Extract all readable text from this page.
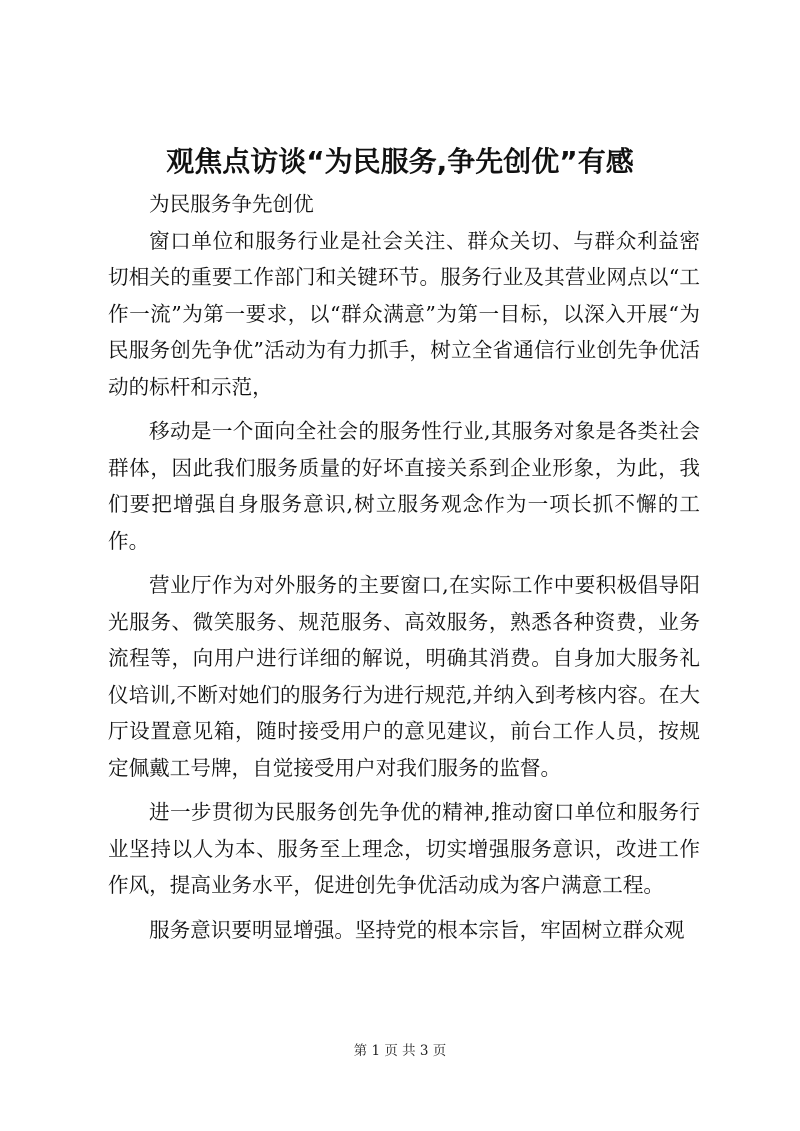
观焦点访谈“为民服务,争先创优”有感

为民服务争先创优

窗口单位和服务行业是社会关注、群众关切、与群众利益密切相关的重要工作部门和关键环节。服务行业及其营业网点以“工作一流”为第一要求，以“群众满意”为第一目标，以深入开展“为民服务创先争优”活动为有力抓手，树立全省通信行业创先争优活动的标杆和示范，

移动是一个面向全社会的服务性行业,其服务对象是各类社会群体，因此我们服务质量的好坏直接关系到企业形象，为此，我们要把增强自身服务意识,树立服务观念作为一项长抓不懈的工作。

营业厅作为对外服务的主要窗口,在实际工作中要积极倡导阳光服务、微笑服务、规范服务、高效服务，熟悉各种资费，业务流程等，向用户进行详细的解说，明确其消费。自身加大服务礼仪培训,不断对她们的服务行为进行规范,并纳入到考核内容。在大厅设置意见箱，随时接受用户的意见建议，前台工作人员，按规定佩戴工号牌，自觉接受用户对我们服务的监督。

进一步贯彻为民服务创先争优的精神,推动窗口单位和服务行业坚持以人为本、服务至上理念，切实增强服务意识，改进工作作风，提高业务水平，促进创先争优活动成为客户满意工程。

服务意识要明显增强。坚持党的根本宗旨，牢固树立群众观

第 1 页 共 3 页
